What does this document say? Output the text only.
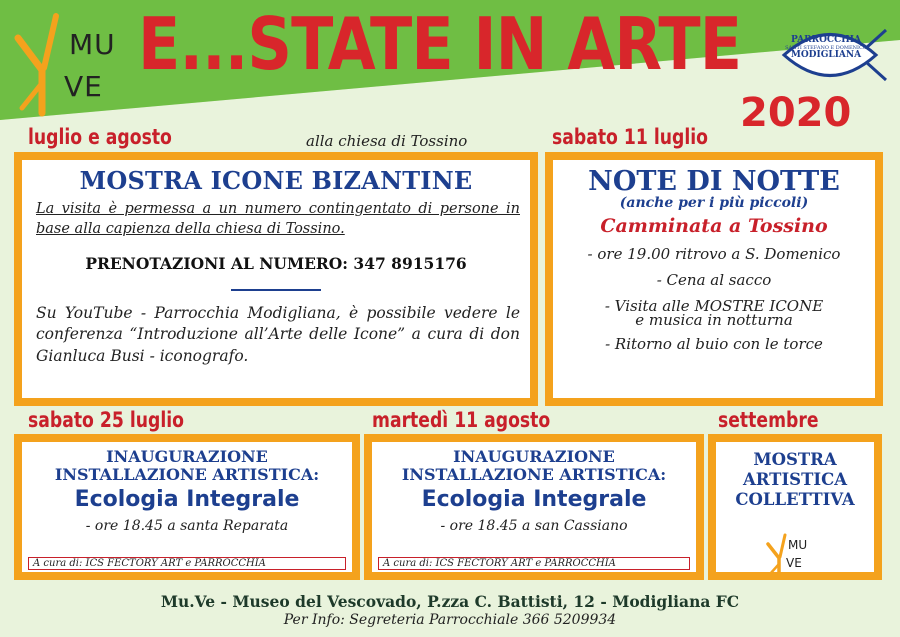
MU
VE
E...STATE IN ARTE
2020
PARROCCHIA
SANTI STEFANO E DOMENICO
MODIGLIANA
luglio e agosto	alla chiesa di Tossino
MOSTRA ICONE BIZANTINE
La visita è permessa a un numero contingentato di persone in base alla capienza della chiesa di Tossino.
PRENOTAZIONI AL NUMERO: 347 8915176
Su YouTube - Parrocchia Modigliana, è possibile vedere le conferenza “Introduzione all’Arte delle Icone” a cura di don Gianluca Busi - iconografo.
sabato 11 luglio
NOTE DI NOTTE
(anche per i più piccoli)
Camminata a Tossino
- ore 19.00 ritrovo a S. Domenico
- Cena al sacco
- Visita alle MOSTRE ICONE
e musica in notturna
- Ritorno al buio con le torce
sabato 25 luglio
INAUGURAZIONE
INSTALLAZIONE ARTISTICA:
Ecologia Integrale
- ore 18.45 a santa Reparata
A cura di: ICS FECTORY ART e PARROCCHIA
martedì 11 agosto
INAUGURAZIONE
INSTALLAZIONE ARTISTICA:
Ecologia Integrale
- ore 18.45 a san Cassiano
A cura di: ICS FECTORY ART e PARROCCHIA
settembre
MOSTRA
ARTISTICA
COLLETTIVA
MU
VE
Mu.Ve - Museo del Vescovado, P.zza C. Battisti, 12 - Modigliana FC
Per Info: Segreteria Parrocchiale 366 5209934
